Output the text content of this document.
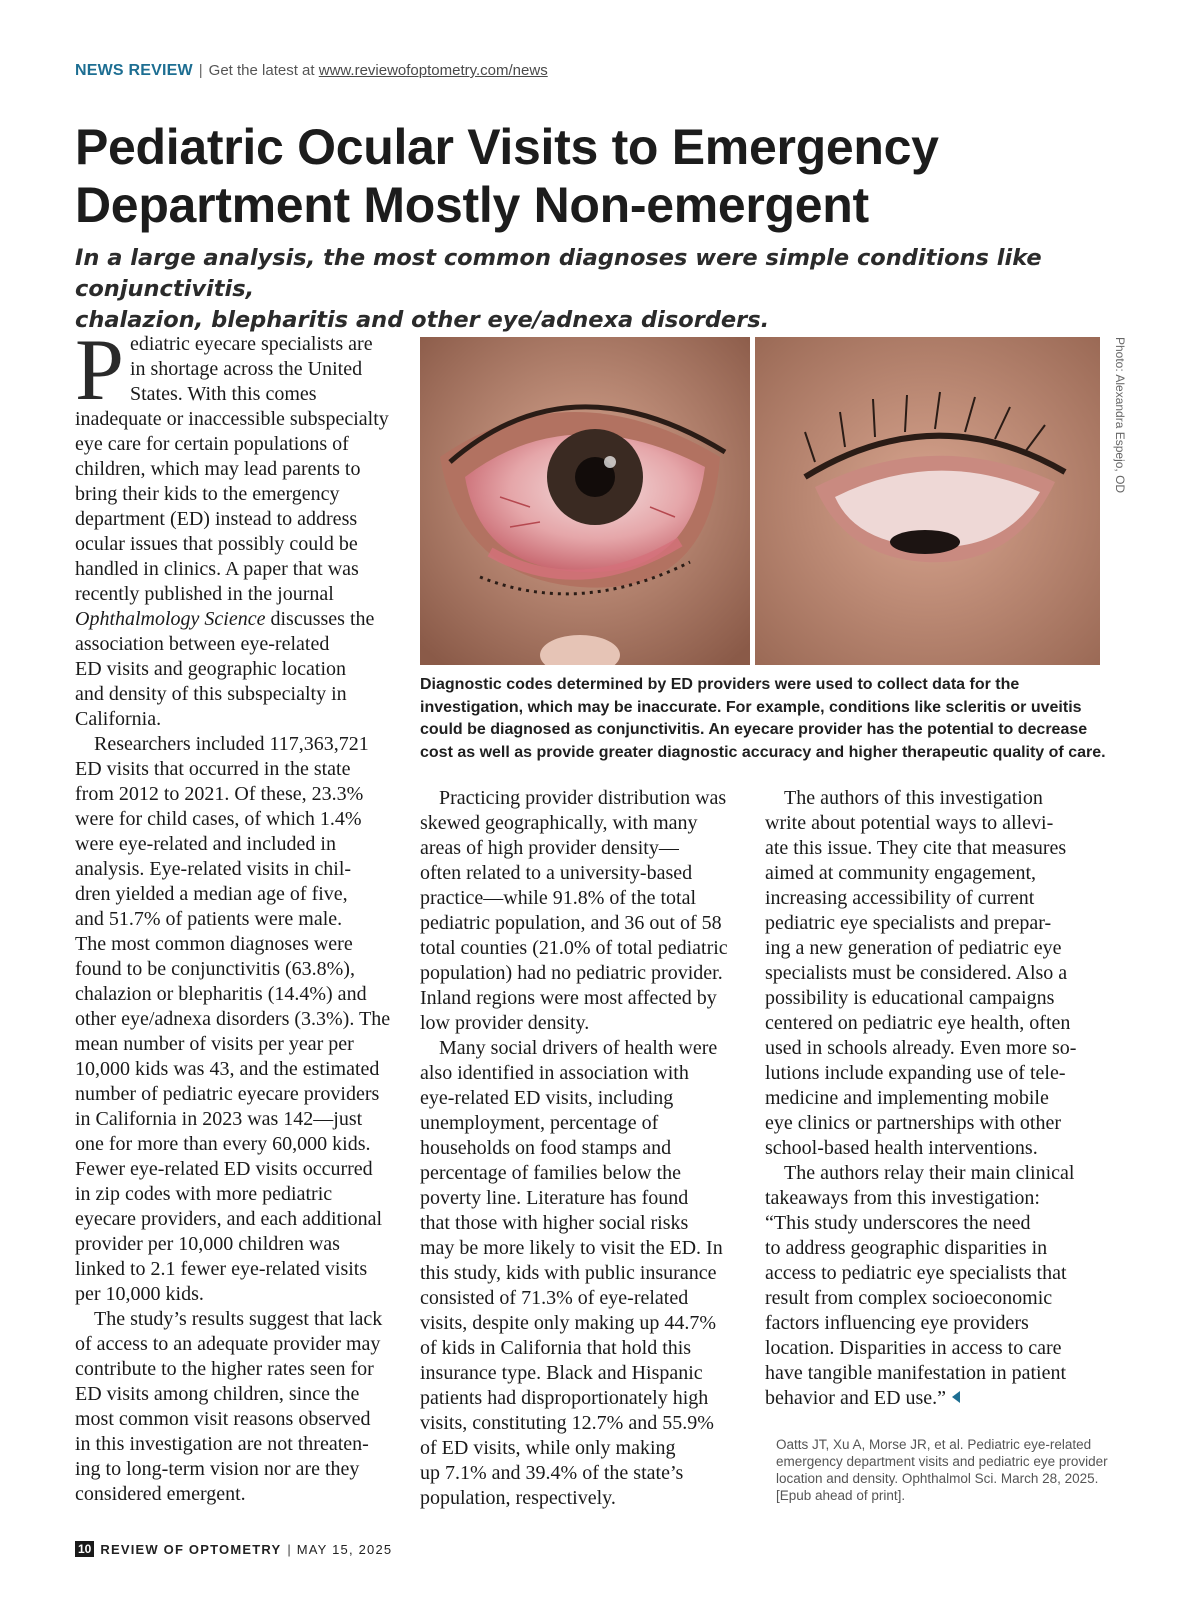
NEWS REVIEW | Get the latest at www.reviewofoptometry.com/news
Pediatric Ocular Visits to Emergency
Department Mostly Non-emergent
In a large analysis, the most common diagnoses were simple conditions like conjunctivitis,
chalazion, blepharitis and other eye/adnexa disorders.

P ediatric eyecare specialists are
in shortage across the United
States. With this comes
inadequate or inaccessible subspecialty
eye care for certain populations of
children, which may lead parents to
bring their kids to the emergency
department (ED) instead to address
ocular issues that possibly could be
handled in clinics. A paper that was
recently published in the journal
Ophthalmology Science discusses the
association between eye-related
ED visits and geographic location
and density of this subspecialty in
California.

Researchers included 117,363,721
ED visits that occurred in the state
from 2012 to 2021. Of these, 23.3%
were for child cases, of which 1.4%
were eye-related and included in
analysis. Eye-related visits in chil-
dren yielded a median age of five,
and 51.7% of patients were male.
The most common diagnoses were
found to be conjunctivitis (63.8%),
chalazion or blepharitis (14.4%) and
other eye/adnexa disorders (3.3%). The
mean number of visits per year per
10,000 kids was 43, and the estimated
number of pediatric eyecare providers
in California in 2023 was 142—just
one for more than every 60,000 kids.
Fewer eye-related ED visits occurred
in zip codes with more pediatric
eyecare providers, and each additional
provider per 10,000 children was
linked to 2.1 fewer eye-related visits
per 10,000 kids.

The study’s results suggest that lack
of access to an adequate provider may
contribute to the higher rates seen for
ED visits among children, since the
most common visit reasons observed
in this investigation are not threaten-
ing to long-term vision nor are they
considered emergent.

Photo: Alexandra Espejo, OD
Diagnostic codes determined by ED providers were used to collect data for the
investigation, which may be inaccurate. For example, conditions like scleritis or uveitis
could be diagnosed as conjunctivitis. An eyecare provider has the potential to decrease
cost as well as provide greater diagnostic accuracy and higher therapeutic quality of care.

Practicing provider distribution was
skewed geographically, with many
areas of high provider density—
often related to a university-based
practice—while 91.8% of the total
pediatric population, and 36 out of 58
total counties (21.0% of total pediatric
population) had no pediatric provider.
Inland regions were most affected by
low provider density.

Many social drivers of health were
also identified in association with
eye-related ED visits, including
unemployment, percentage of
households on food stamps and
percentage of families below the
poverty line. Literature has found
that those with higher social risks
may be more likely to visit the ED. In
this study, kids with public insurance
consisted of 71.3% of eye-related
visits, despite only making up 44.7%
of kids in California that hold this
insurance type. Black and Hispanic
patients had disproportionately high
visits, constituting 12.7% and 55.9%
of ED visits, while only making
up 7.1% and 39.4% of the state’s
population, respectively.

The authors of this investigation
write about potential ways to allevi-
ate this issue. They cite that measures
aimed at community engagement,
increasing accessibility of current
pediatric eye specialists and prepar-
ing a new generation of pediatric eye
specialists must be considered. Also a
possibility is educational campaigns
centered on pediatric eye health, often
used in schools already. Even more so-
lutions include expanding use of tele-
medicine and implementing mobile
eye clinics or partnerships with other
school-based health interventions.

The authors relay their main clinical
takeaways from this investigation:
“This study underscores the need
to address geographic disparities in
access to pediatric eye specialists that
result from complex socioeconomic
factors influencing eye providers
location. Disparities in access to care
have tangible manifestation in patient
behavior and ED use.”

Oatts JT, Xu A, Morse JR, et al. Pediatric eye-related
emergency department visits and pediatric eye provider
location and density. Ophthalmol Sci. March 28, 2025.
[Epub ahead of print].
10 REVIEW OF OPTOMETRY | MAY 15, 2025
